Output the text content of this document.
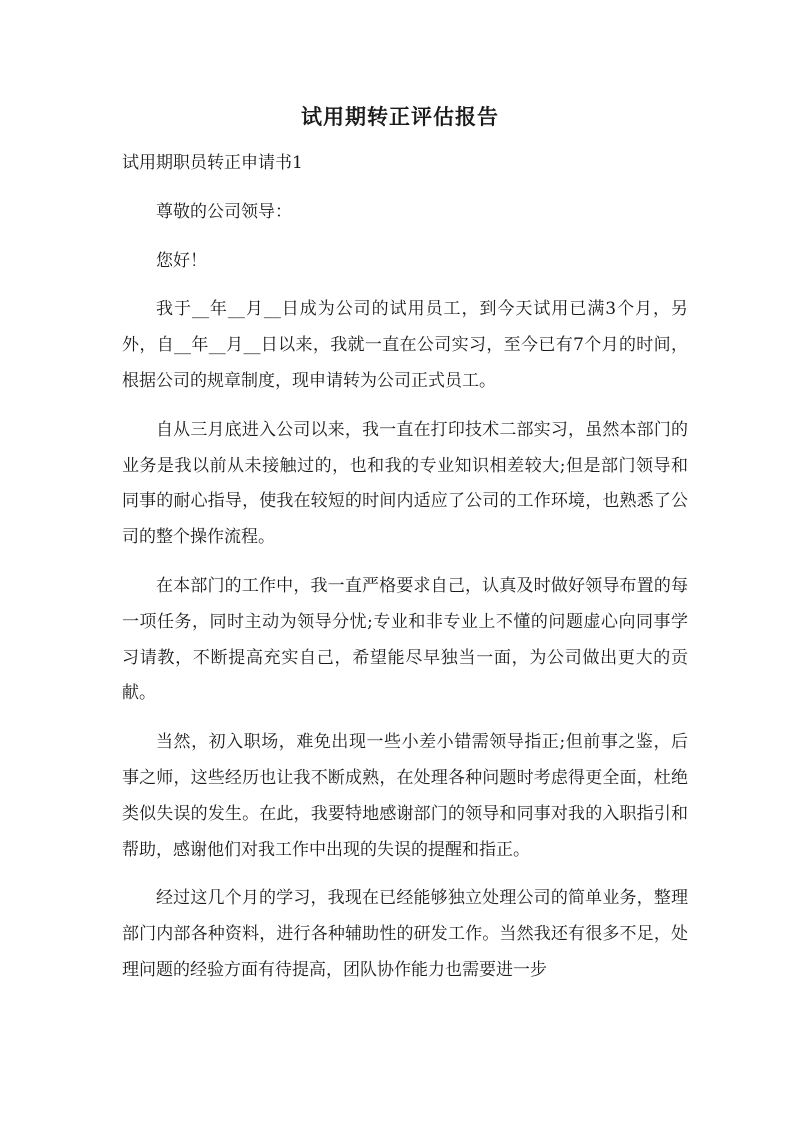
试用期转正评估报告

试用期职员转正申请书1

尊敬的公司领导：

您好！

我于__年__月__日成为公司的试用员工，到今天试用已满3个月，另外，自__年__月__日以来，我就一直在公司实习，至今已有7个月的时间，根据公司的规章制度，现申请转为公司正式员工。

自从三月底进入公司以来，我一直在打印技术二部实习，虽然本部门的业务是我以前从未接触过的，也和我的专业知识相差较大;但是部门领导和同事的耐心指导，使我在较短的时间内适应了公司的工作环境，也熟悉了公司的整个操作流程。

在本部门的工作中，我一直严格要求自己，认真及时做好领导布置的每一项任务，同时主动为领导分忧;专业和非专业上不懂的问题虚心向同事学习请教，不断提高充实自己，希望能尽早独当一面，为公司做出更大的贡献。

当然，初入职场，难免出现一些小差小错需领导指正;但前事之鉴，后事之师，这些经历也让我不断成熟，在处理各种问题时考虑得更全面，杜绝类似失误的发生。在此，我要特地感谢部门的领导和同事对我的入职指引和帮助，感谢他们对我工作中出现的失误的提醒和指正。

经过这几个月的学习，我现在已经能够独立处理公司的简单业务，整理部门内部各种资料，进行各种辅助性的研发工作。当然我还有很多不足，处理问题的经验方面有待提高，团队协作能力也需要进一步
